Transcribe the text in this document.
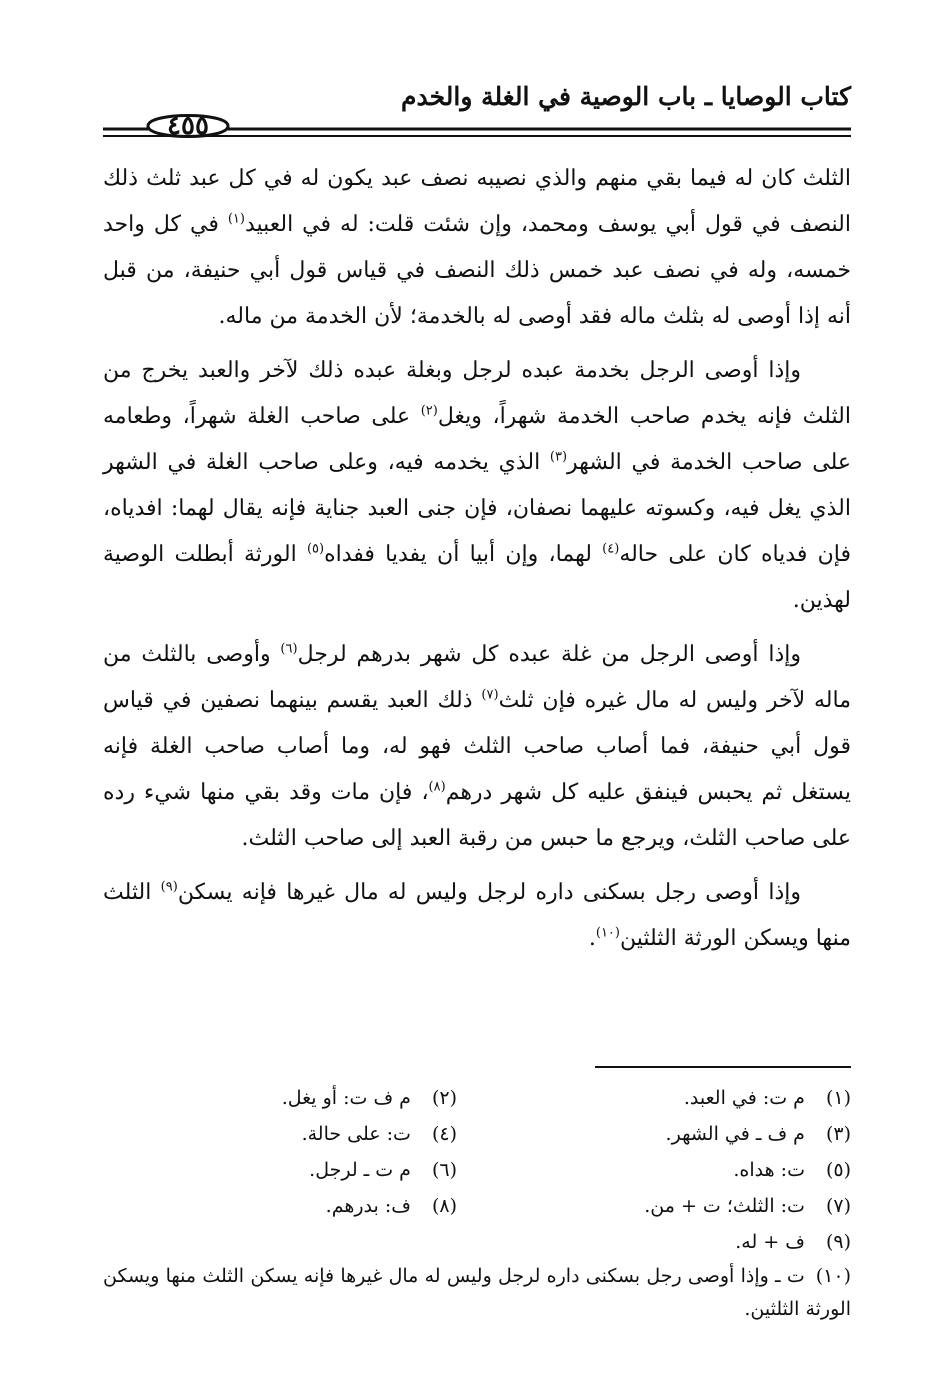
كتاب الوصايا ـ باب الوصية في الغلة والخدم
٤٥٥

الثلث كان له فيما بقي منهم والذي نصيبه نصف عبد يكون له في كل عبد ثلث ذلك النصف في قول أبي يوسف ومحمد، وإن شئت قلت: له في العبيد$^{(١)}$ في كل واحد خمسه، وله في نصف عبد خمس ذلك النصف في قياس قول أبي حنيفة، من قبل أنه إذا أوصى له بثلث ماله فقد أوصى له بالخدمة؛ لأن الخدمة من ماله.

وإذا أوصى الرجل بخدمة عبده لرجل وبغلة عبده ذلك لآخر والعبد يخرج من الثلث فإنه يخدم صاحب الخدمة شهراً، ويغل$^{(٢)}$ على صاحب الغلة شهراً، وطعامه على صاحب الخدمة في الشهر$^{(٣)}$ الذي يخدمه فيه، وعلى صاحب الغلة في الشهر الذي يغل فيه، وكسوته عليهما نصفان، فإن جنى العبد جناية فإنه يقال لهما: افدياه، فإن فدياه كان على حاله$^{(٤)}$ لهما، وإن أبيا أن يفديا ففداه$^{(٥)}$ الورثة أبطلت الوصية لهذين.

وإذا أوصى الرجل من غلة عبده كل شهر بدرهم لرجل$^{(٦)}$ وأوصى بالثلث من ماله لآخر وليس له مال غيره فإن ثلث$^{(٧)}$ ذلك العبد يقسم بينهما نصفين في قياس قول أبي حنيفة، فما أصاب صاحب الثلث فهو له، وما أصاب صاحب الغلة فإنه يستغل ثم يحبس فينفق عليه كل شهر درهم$^{(٨)}$، فإن مات وقد بقي منها شيء رده على صاحب الثلث، ويرجع ما حبس من رقبة العبد إلى صاحب الثلث.

وإذا أوصى رجل بسكنى داره لرجل وليس له مال غيرها فإنه يسكن$^{(٩)}$ الثلث منها ويسكن الورثة الثلثين$^{(١٠)}$.

(١) م ت: في العبد.
(٢) م ف ت: أو يغل.
(٣) م ف ـ في الشهر.
(٤) ت: على حالة.
(٥) ت: هداه.
(٦) م ت ـ لرجل.
(٧) ت: الثلث؛ ت + من.
(٨) ف: بدرهم.
(٩) ف + له.
(١٠) ت ـ وإذا أوصى رجل بسكنى داره لرجل وليس له مال غيرها فإنه يسكن الثلث منها ويسكن الورثة الثلثين.
